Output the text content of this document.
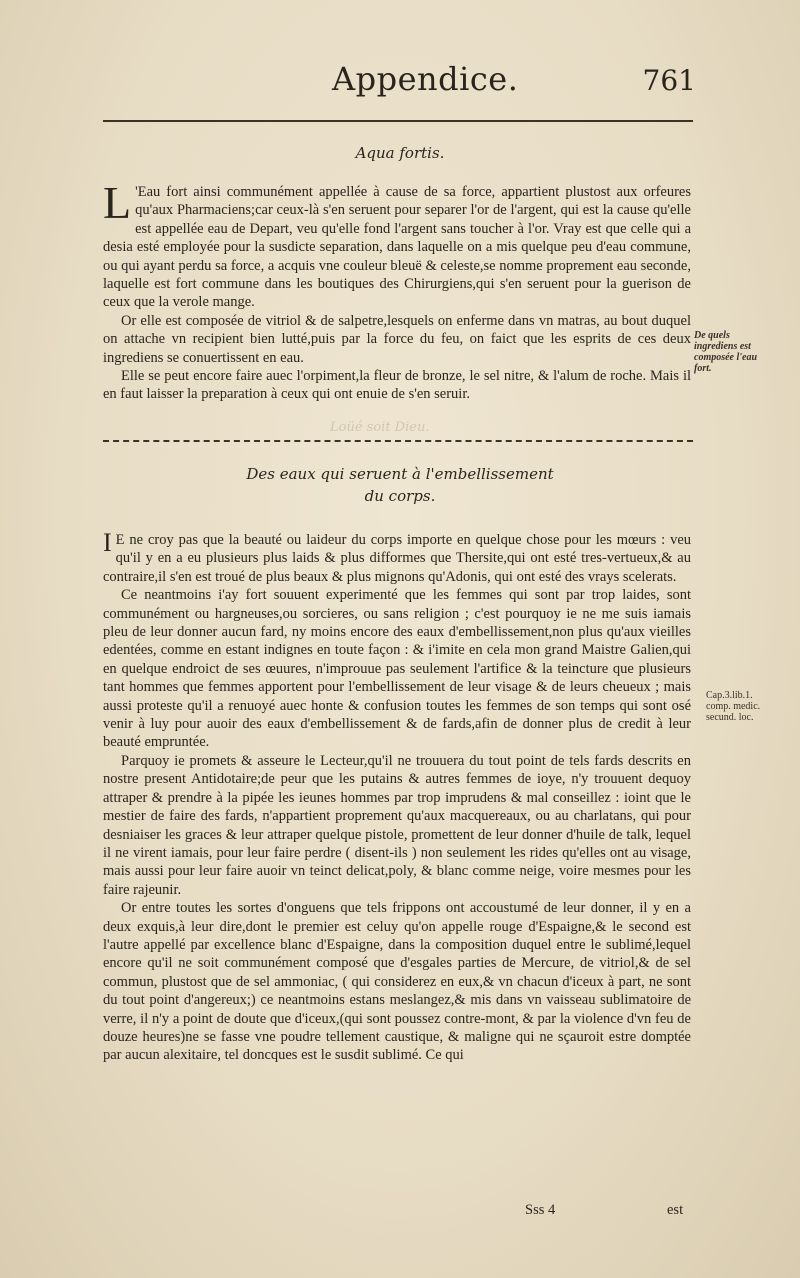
Appendice.	761
Aqua fortis.

L 'Eau fort ainsi communément appellée à cause de sa force, appartient plustost aux orfeures qu'aux Pharmaciens;car ceux-là s'en seruent pour separer l'or de l'argent, qui est la cause qu'elle est appellée eau de Depart, veu qu'elle fond l'argent sans toucher à l'or. Vray est que celle qui a desia esté employée pour la susdicte separation, dans laquelle on a mis quelque peu d'eau commune, ou qui ayant perdu sa force, a acquis vne couleur bleuë & celeste,se nomme proprement eau seconde, laquelle est fort commune dans les boutiques des Chirurgiens,qui s'en seruent pour la guerison de ceux que la verole mange.

Or elle est composée de vitriol & de salpetre,lesquels on enferme dans vn matras, au bout duquel on attache vn recipient bien lutté,puis par la force du feu, on faict que les esprits de ces deux ingrediens se conuertissent en eau.

Elle se peut encore faire auec l'orpiment,la fleur de bronze, le sel nitre, & l'alum de roche. Mais il en faut laisser la preparation à ceux qui ont enuie de s'en seruir.

De quels ingrediens est composée l'eau fort.
Loüé soit Dieu.
Des eaux qui seruent à l'embellissement
du corps.

I E ne croy pas que la beauté ou laideur du corps importe en quelque chose pour les mœurs : veu qu'il y en a eu plusieurs plus laids & plus difformes que Thersite,qui ont esté tres-vertueux,& au contraire,il s'en est troué de plus beaux & plus mignons qu'Adonis, qui ont esté des vrays scelerats.

Ce neantmoins i'ay fort souuent experimenté que les femmes qui sont par trop laides, sont communément ou hargneuses,ou sorcieres, ou sans religion ; c'est pourquoy ie ne me suis iamais pleu de leur donner aucun fard, ny moins encore des eaux d'embellissement,non plus qu'aux vieilles edentées, comme en estant indignes en toute façon : & i'imite en cela mon grand Maistre Galien,qui en quelque endroict de ses œuures, n'improuue pas seulement l'artifice & la teincture que plusieurs tant hommes que femmes apportent pour l'embellissement de leur visage & de leurs cheueux ; mais aussi proteste qu'il a renuoyé auec honte & confusion toutes les femmes de son temps qui sont osé venir à luy pour auoir des eaux d'embellissement & de fards,afin de donner plus de credit à leur beauté empruntée.

Parquoy ie promets & asseure le Lecteur,qu'il ne trouuera du tout point de tels fards descrits en nostre present Antidotaire;de peur que les putains & autres femmes de ioye, n'y trouuent dequoy attraper & prendre à la pipée les ieunes hommes par trop imprudens & mal conseillez : ioint que le mestier de faire des fards, n'appartient proprement qu'aux macquereaux, ou au charlatans, qui pour desniaiser les graces & leur attraper quelque pistole, promettent de leur donner d'huile de talk, lequel il ne virent iamais, pour leur faire perdre ( disent-ils ) non seulement les rides qu'elles ont au visage, mais aussi pour leur faire auoir vn teinct delicat,poly, & blanc comme neige, voire mesmes pour les faire rajeunir.

Or entre toutes les sortes d'onguens que tels frippons ont accoustumé de leur donner, il y en a deux exquis,à leur dire,dont le premier est celuy qu'on appelle rouge d'Espaigne,& le second est l'autre appellé par excellence blanc d'Espaigne, dans la composition duquel entre le sublimé,lequel encore qu'il ne soit communément composé que d'esgales parties de Mercure, de vitriol,& de sel commun, plustost que de sel ammoniac, ( qui considerez en eux,& vn chacun d'iceux à part, ne sont du tout point d'angereux;) ce neantmoins estans meslangez,& mis dans vn vaisseau sublimatoire de verre, il n'y a point de doute que d'iceux,(qui sont poussez contre-mont, & par la violence d'vn feu de douze heures)ne se fasse vne poudre tellement caustique, & maligne qui ne sçauroit estre domptée par aucun alexitaire, tel doncques est le susdit sublimé. Ce qui

Cap.3.lib.1. comp. medic. secund. loc.
Sss 4	est
